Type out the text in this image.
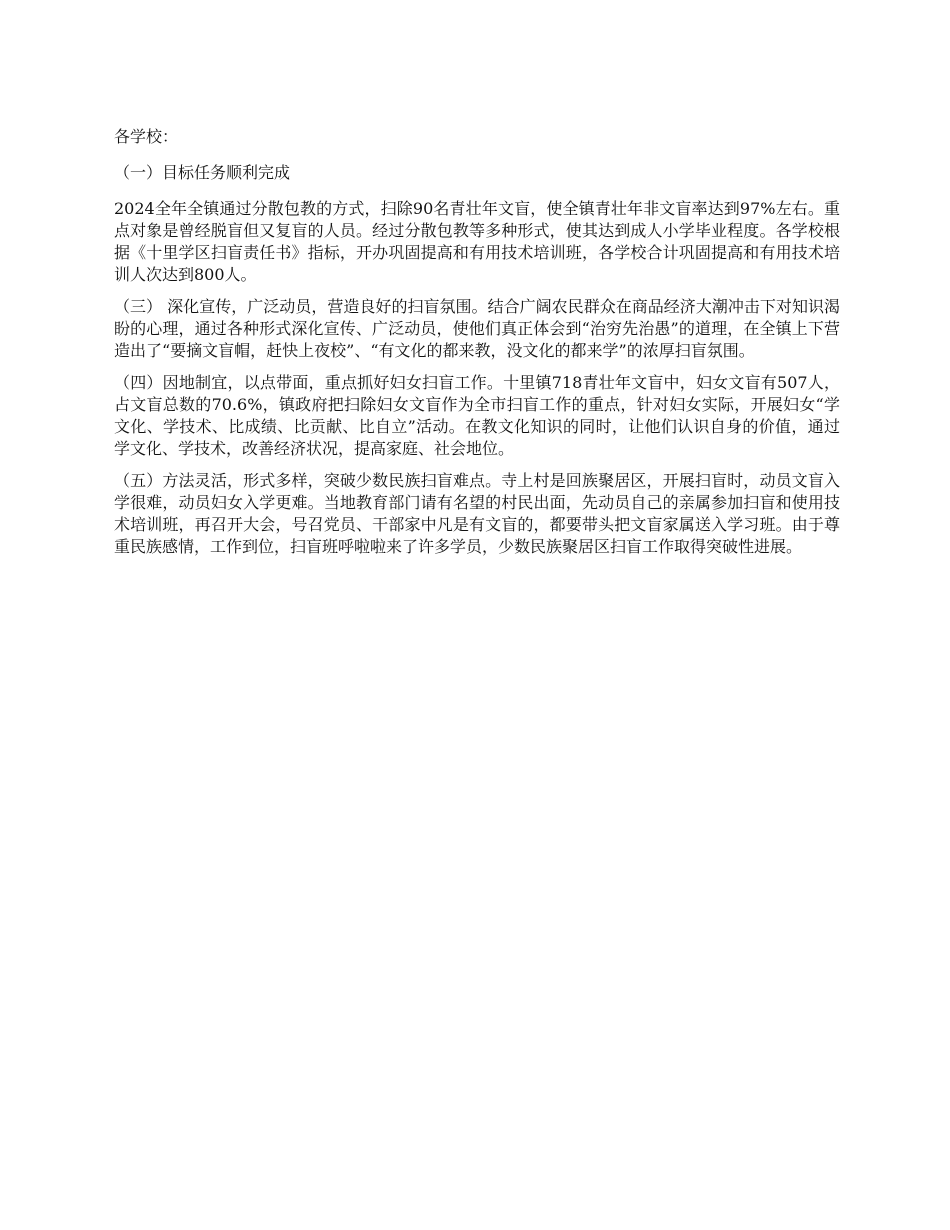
各学校：

（一）目标任务顺利完成

2024全年全镇通过分散包教的方式，扫除90名青壮年文盲，使全镇青壮年非文盲率达到97%左右。重点对象是曾经脱盲但又复盲的人员。经过分散包教等多种形式，使其达到成人小学毕业程度。各学校根据《十里学区扫盲责任书》指标，开办巩固提高和有用技术培训班，各学校合计巩固提高和有用技术培训人次达到800人。

（三） 深化宣传，广泛动员，营造良好的扫盲氛围。结合广阔农民群众在商品经济大潮冲击下对知识渴盼的心理，通过各种形式深化宣传、广泛动员，使他们真正体会到“治穷先治愚”的道理，在全镇上下营造出了“要摘文盲帽，赶快上夜校”、“有文化的都来教，没文化的都来学”的浓厚扫盲氛围。

（四）因地制宜，以点带面，重点抓好妇女扫盲工作。十里镇718青壮年文盲中，妇女文盲有507人，占文盲总数的70.6%，镇政府把扫除妇女文盲作为全市扫盲工作的重点，针对妇女实际，开展妇女“学文化、学技术、比成绩、比贡献、比自立”活动。在教文化知识的同时，让他们认识自身的价值，通过学文化、学技术，改善经济状况，提高家庭、社会地位。

（五）方法灵活，形式多样，突破少数民族扫盲难点。寺上村是回族聚居区，开展扫盲时，动员文盲入学很难，动员妇女入学更难。当地教育部门请有名望的村民出面，先动员自己的亲属参加扫盲和使用技术培训班，再召开大会，号召党员、干部家中凡是有文盲的，都要带头把文盲家属送入学习班。由于尊重民族感情，工作到位，扫盲班呼啦啦来了许多学员，少数民族聚居区扫盲工作取得突破性进展。
